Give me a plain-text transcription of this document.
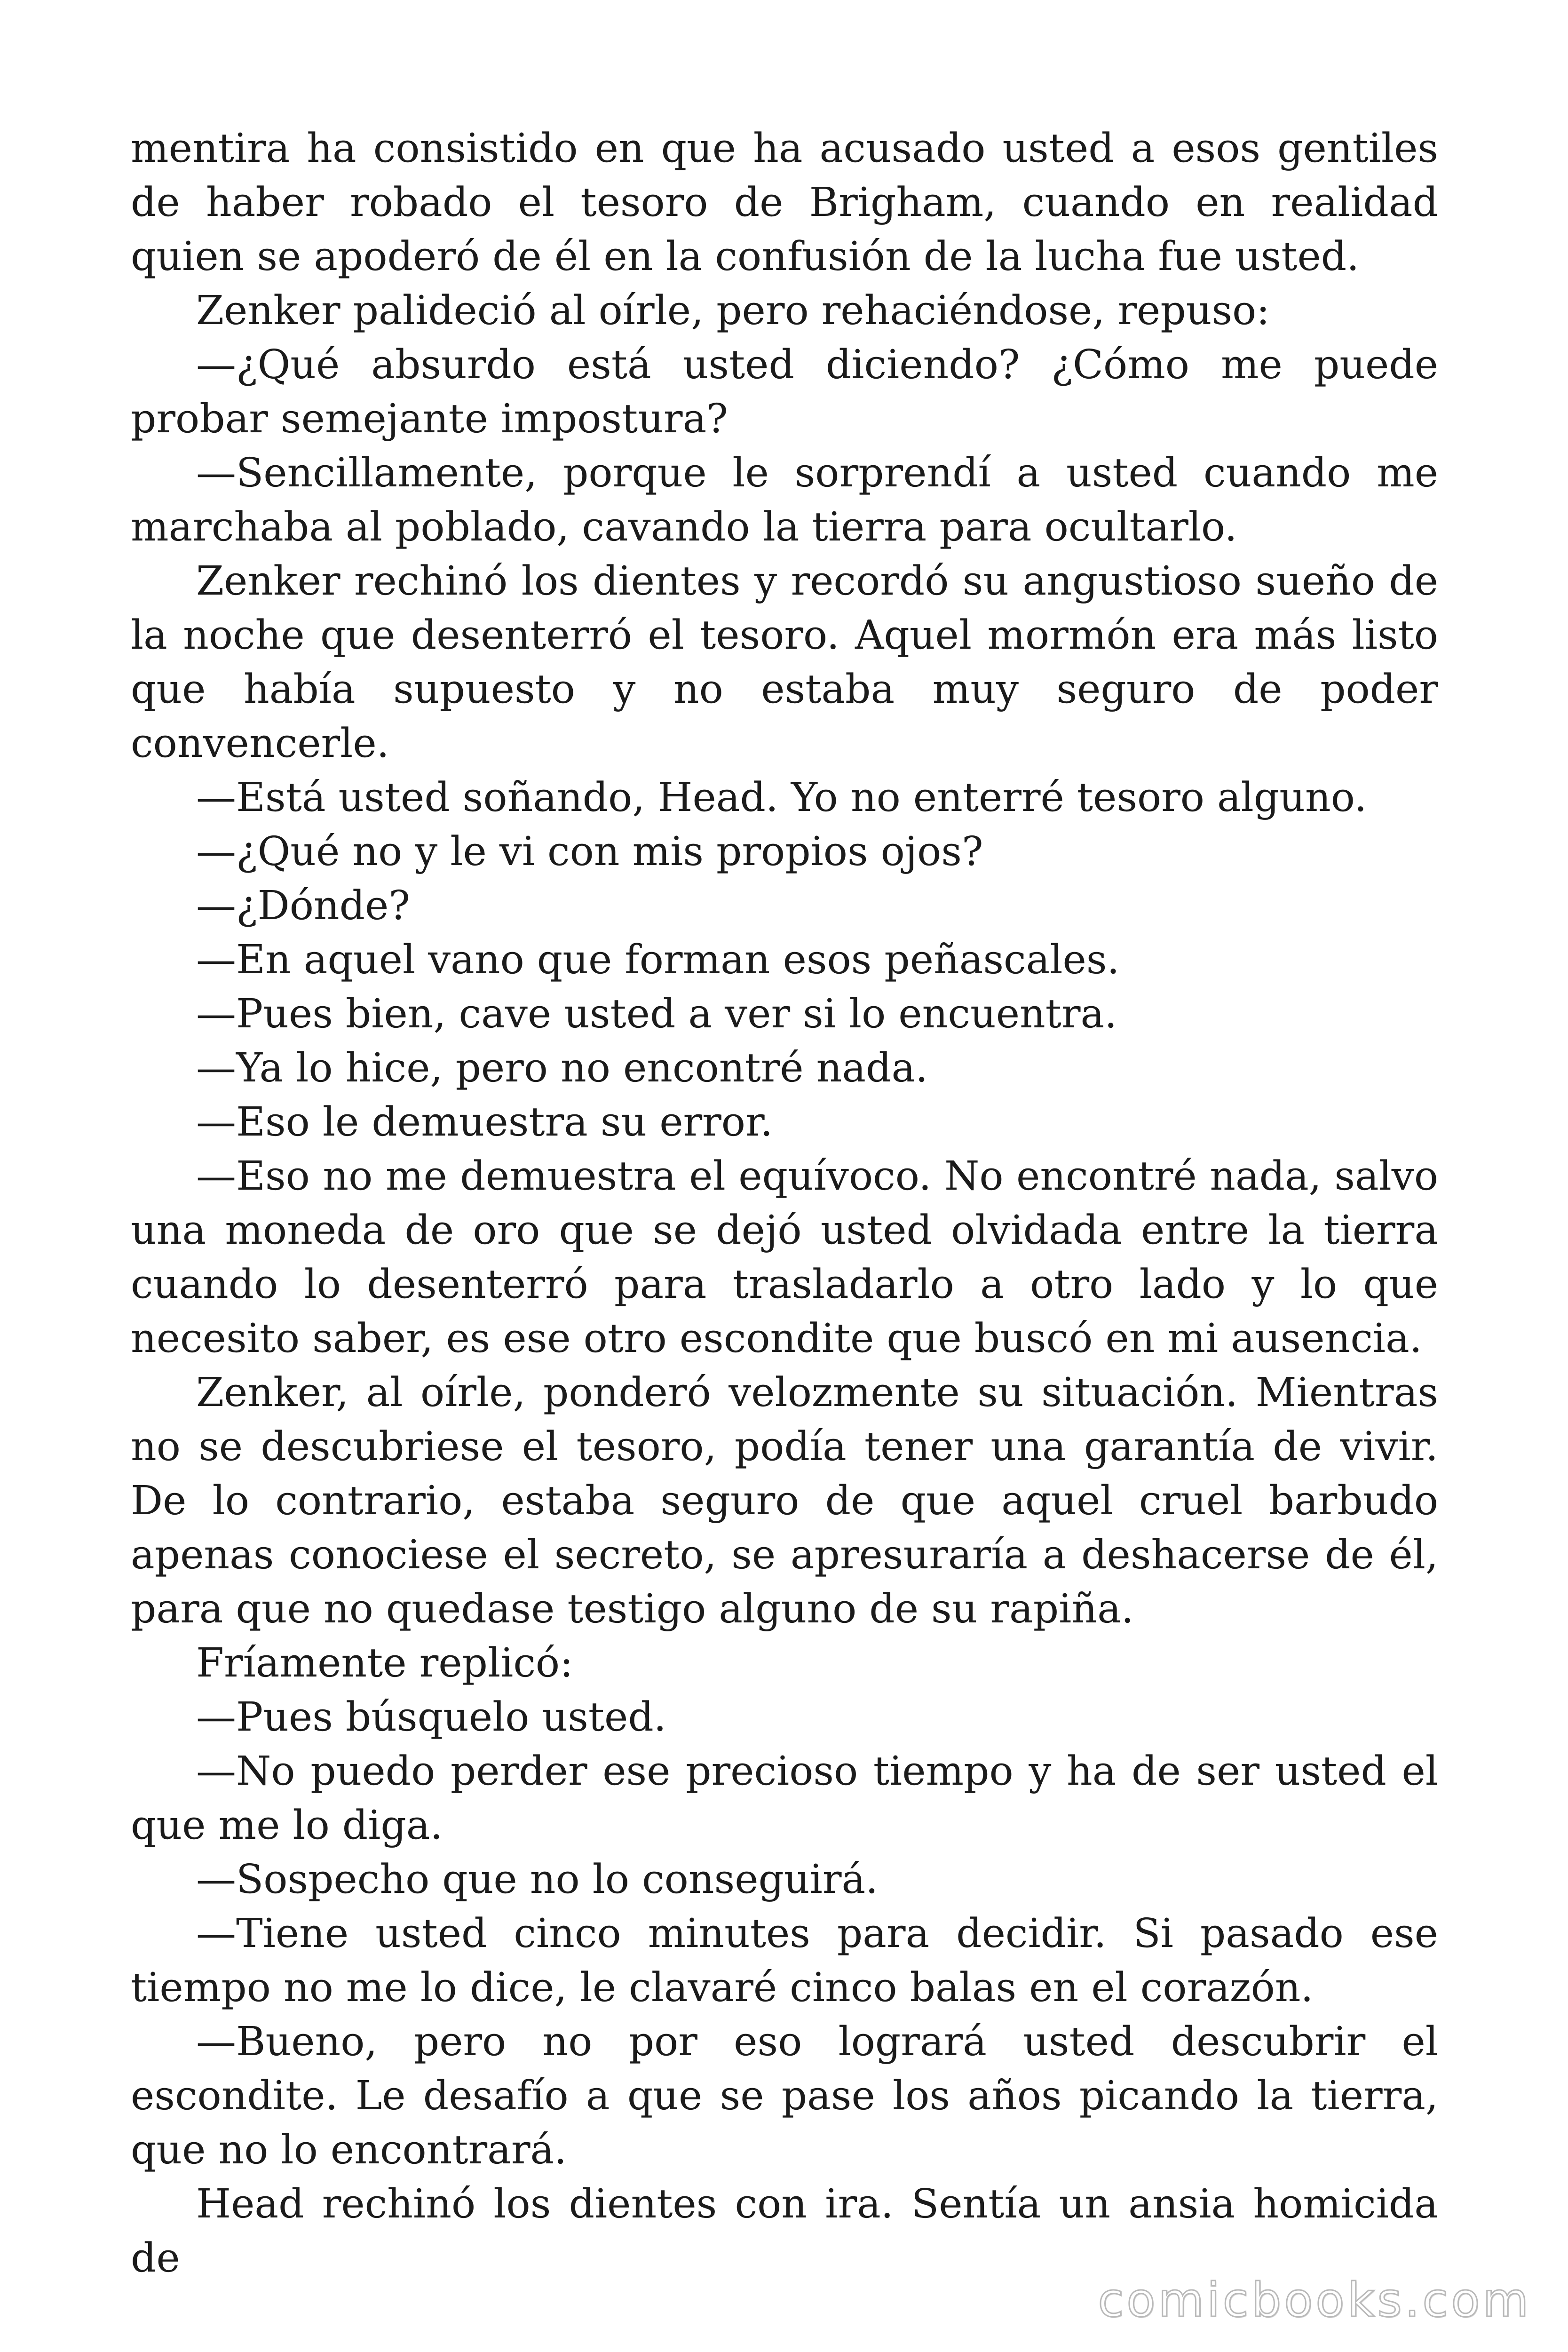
mentira ha consistido en que ha acusado usted a esos gentiles de haber robado el tesoro de Brigham, cuando en realidad quien se apoderó de él en la confusión de la lucha fue usted.

Zenker palideció al oírle, pero rehaciéndose, repuso:

—¿Qué absurdo está usted diciendo? ¿Cómo me puede probar semejante impostura?

—Sencillamente, porque le sorprendí a usted cuando me marchaba al poblado, cavando la tierra para ocultarlo.

Zenker rechinó los dientes y recordó su angustioso sueño de la noche que desenterró el tesoro. Aquel mormón era más listo que había supuesto y no estaba muy seguro de poder convencerle.

—Está usted soñando, Head. Yo no enterré tesoro alguno.

—¿Qué no y le vi con mis propios ojos?

—¿Dónde?

—En aquel vano que forman esos peñascales.

—Pues bien, cave usted a ver si lo encuentra.

—Ya lo hice, pero no encontré nada.

—Eso le demuestra su error.

—Eso no me demuestra el equívoco. No encontré nada, salvo una moneda de oro que se dejó usted olvidada entre la tierra cuando lo desenterró para trasladarlo a otro lado y lo que necesito saber, es ese otro escondite que buscó en mi ausencia.

Zenker, al oírle, ponderó velozmente su situación. Mientras no se descubriese el tesoro, podía tener una garantía de vivir. De lo contrario, estaba seguro de que aquel cruel barbudo apenas conociese el secreto, se apresuraría a deshacerse de él, para que no quedase testigo alguno de su rapiña.

Fríamente replicó:

—Pues búsquelo usted.

—No puedo perder ese precioso tiempo y ha de ser usted el que me lo diga.

—Sospecho que no lo conseguirá.

—Tiene usted cinco minutes para decidir. Si pasado ese tiempo no me lo dice, le clavaré cinco balas en el corazón.

—Bueno, pero no por eso logrará usted descubrir el escondite. Le desafío a que se pase los años picando la tierra, que no lo encontrará.

Head rechinó los dientes con ira. Sentía un ansia homicida de

comicbooks.com
